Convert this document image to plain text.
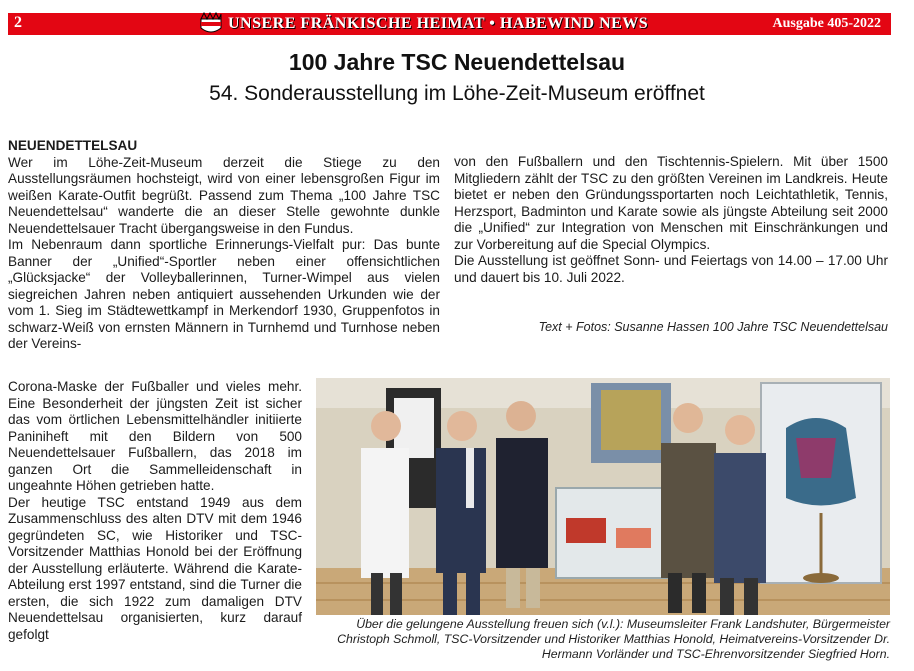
2	UNSERE FRÄNKISCHE HEIMAT • HABEWIND NEWS	Ausgabe 405-2022
100 Jahre TSC Neuendettelsau
54. Sonderausstellung im Löhe-Zeit-Museum eröffnet

NEUENDETTELSAU

Wer im Löhe-Zeit-Museum derzeit die Stiege zu den Ausstellungsräumen hochsteigt, wird von einer lebensgroßen Figur im weißen Karate-Outfit begrüßt. Passend zum Thema „100 Jahre TSC Neuendettelsau“ wanderte die an dieser Stelle gewohnte dunkle Neuendettelsauer Tracht übergangsweise in den Fundus.

Im Nebenraum dann sportliche Erinnerungs-Vielfalt pur: Das bunte Banner der „Unified“-Sportler neben einer offensichtlichen „Glücksjacke“ der Volleyballerinnen, Turner-Wimpel aus vielen siegreichen Jahren neben antiquiert aussehenden Urkunden wie der vom 1. Sieg im Städtewettkampf in Merkendorf 1930, Gruppenfotos in schwarz-Weiß von ernsten Männern in Turnhemd und Turnhose neben der Vereins-

Corona-Maske der Fußballer und vieles mehr. Eine Besonderheit der jüngsten Zeit ist sicher das vom örtlichen Lebensmittelhändler initiierte Paniniheft mit den Bildern von 500 Neuendettelsauer Fußballern, das 2018 im ganzen Ort die Sammelleidenschaft in ungeahnte Höhen getrieben hatte.

Der heutige TSC entstand 1949 aus dem Zusammenschluss des alten DTV mit dem 1946 gegründeten SC, wie Historiker und TSC-Vorsitzender Matthias Honold bei der Eröffnung der Ausstellung erläuterte. Während die Karate-Abteilung erst 1997 entstand, sind die Turner die ersten, die sich 1922 zum damaligen DTV Neuendettelsau organisierten, kurz darauf gefolgt

von den Fußballern und den Tischtennis-Spielern. Mit über 1500 Mitgliedern zählt der TSC zu den größten Vereinen im Landkreis. Heute bietet er neben den Gründungssportarten noch Leichtathletik, Tennis, Herzsport, Badminton und Karate sowie als jüngste Abteilung seit 2000 die „Unified“ zur Integration von Menschen mit Einschränkungen und zur Vorbereitung auf die Special Olympics.

Die Ausstellung ist geöffnet Sonn- und Feiertags von 14.00 – 17.00 Uhr und dauert bis 10. Juli 2022.

Text + Fotos: Susanne Hassen 100 Jahre TSC Neuendettelsau
Über die gelungene Ausstellung freuen sich (v.l.): Museumsleiter Frank Landshuter, Bürgermeister Christoph Schmoll, TSC-Vorsitzender und Historiker Matthias Honold, Heimatvereins-Vorsitzender Dr. Hermann Vorländer und TSC-Ehrenvorsitzender Siegfried Horn.
